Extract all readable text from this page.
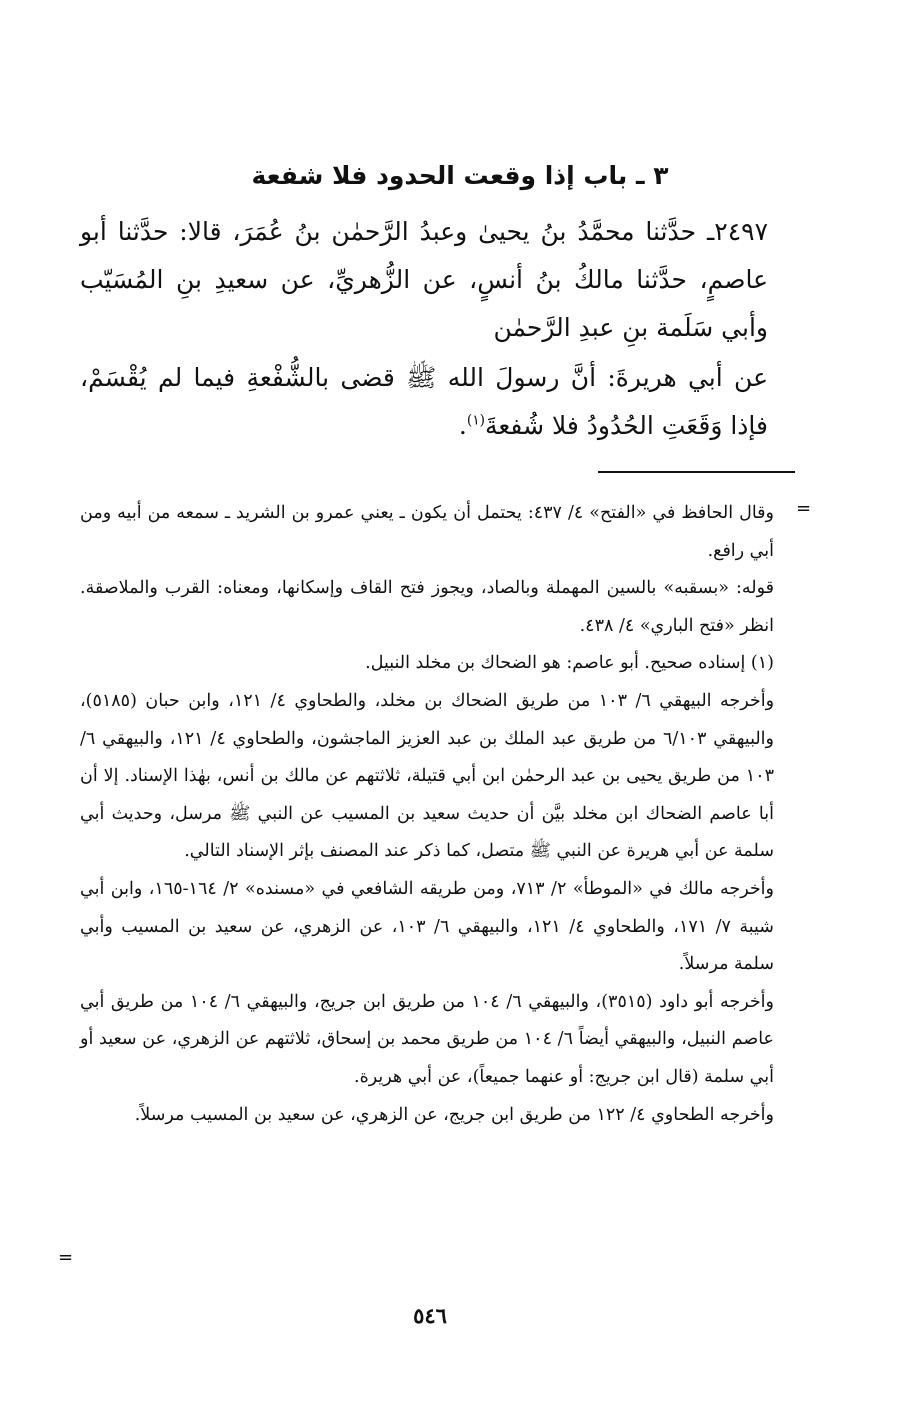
٣ ـ باب إذا وقعت الحدود فلا شفعة

٢٤٩٧ـ حدَّثنا محمَّدُ بنُ يحيىٰ وعبدُ الرَّحمٰن بنُ عُمَرَ، قالا: حدَّثنا أبو عاصمٍ، حدَّثنا مالكُ بنُ أنسٍ، عن الزُّهريِّ، عن سعيدِ بنِ المُسَيّب وأبي سَلَمة بنِ عبدِ الرَّحمٰن

عن أبي هريرةَ: أنَّ رسولَ الله ﷺ قضى بالشُّفْعةِ فيما لم يُقْسَمْ، فإذا وَقَعَتِ الحُدُودُ فلا شُفعةَ$^{(١)}$.

=

وقال الحافظ في «الفتح» ٤/ ٤٣٧: يحتمل أن يكون ـ يعني عمرو بن الشريد ـ سمعه من أبيه ومن أبي رافع.

قوله: «بسقبه» بالسين المهملة وبالصاد، ويجوز فتح القاف وإسكانها، ومعناه: القرب والملاصقة. انظر «فتح الباري» ٤/ ٤٣٨.

(١) إسناده صحيح. أبو عاصم: هو الضحاك بن مخلد النبيل.

وأخرجه البيهقي ٦/ ١٠٣ من طريق الضحاك بن مخلد، والطحاوي ٤/ ١٢١، وابن حبان (٥١٨٥)، والبيهقي ٦/١٠٣ من طريق عبد الملك بن عبد العزيز الماجشون، والطحاوي ٤/ ١٢١، والبيهقي ٦/ ١٠٣ من طريق يحيى بن عبد الرحمٰن ابن أبي قتيلة، ثلاثتهم عن مالك بن أنس، بهٰذا الإسناد. إلا أن أبا عاصم الضحاك ابن مخلد بيَّن أن حديث سعيد بن المسيب عن النبي ﷺ مرسل، وحديث أبي سلمة عن أبي هريرة عن النبي ﷺ متصل، كما ذكر عند المصنف بإثر الإسناد التالي.

وأخرجه مالك في «الموطأ» ٢/ ٧١٣، ومن طريقه الشافعي في «مسنده» ٢/ ١٦٤-١٦٥، وابن أبي شيبة ٧/ ١٧١، والطحاوي ٤/ ١٢١، والبيهقي ٦/ ١٠٣، عن الزهري، عن سعيد بن المسيب وأبي سلمة مرسلاً.

وأخرجه أبو داود (٣٥١٥)، والبيهقي ٦/ ١٠٤ من طريق ابن جريج، والبيهقي ٦/ ١٠٤ من طريق أبي عاصم النبيل، والبيهقي أيضاً ٦/ ١٠٤ من طريق محمد بن إسحاق، ثلاثتهم عن الزهري، عن سعيد أو أبي سلمة (قال ابن جريج: أو عنهما جميعاً)، عن أبي هريرة.

وأخرجه الطحاوي ٤/ ١٢٢ من طريق ابن جريج، عن الزهري، عن سعيد بن المسيب مرسلاً.

=
٥٤٦
